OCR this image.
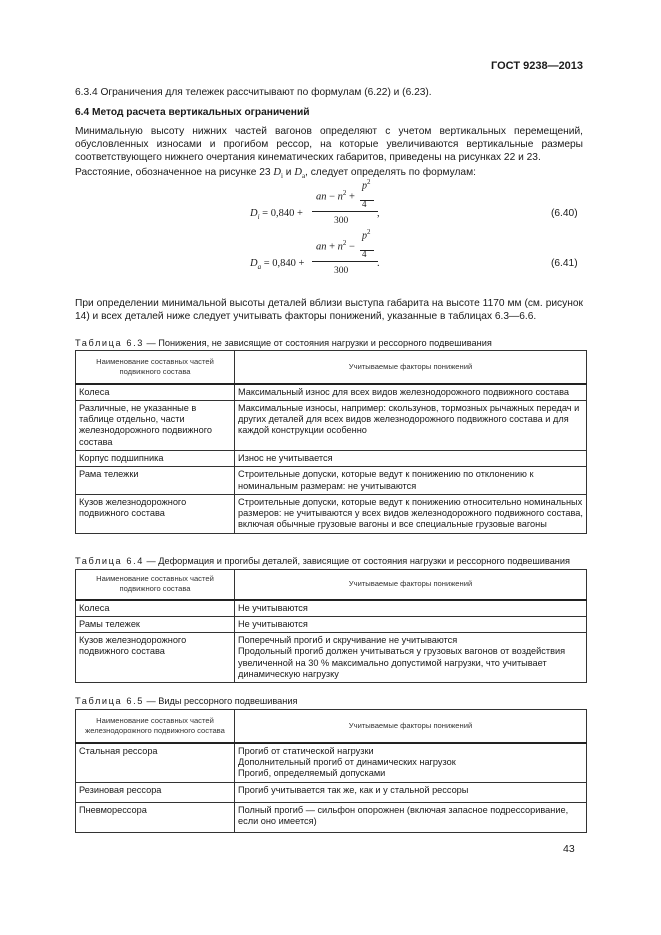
ГОСТ 9238—2013

6.3.4 Ограничения для тележек рассчитывают по формулам (6.22) и (6.23).

6.4 Метод расчета вертикальных ограничений

Минимальную высоту нижних частей вагонов определяют с учетом вертикальных перемещений, обусловленных износами и прогибом рессор, на которые увеличиваются вертикальные размеры соответствующего нижнего очертания кинематических габаритов, приведены на рисунках 22 и 23.

Расстояние, обозначенное на рисунке 23 $D_i$ и $D_a$, следует определять по формулам:

$D_i = 0,840$ +
an − $n^2$ +
$p^2$
4
300
,	(6.40)
$D_a = 0,840$ +
an + $n^2$ −
$p^2$
4
300
.	(6.41)

При определении минимальной высоты деталей вблизи выступа габарита на высоте 1170 мм (см. рисунок 14) и всех деталей ниже следует учитывать факторы понижений, указанные в таблицах 6.3—6.6.

Таблица 6.3 — Понижения, не зависящие от состояния нагрузки и рессорного подвешивания
Наименование составных частей подвижного состава	Учитываемые факторы понижений
Колеса	Максимальный износ для всех видов железнодорожного подвижного состава
Различные, не указанные в таблице отдельно, части железнодорожного подвижного состава	Максимальные износы, например: скользунов, тормозных рычажных передач и других деталей для всех видов железнодорожного подвижного состава и для каждой конструкции особенно
Корпус подшипника	Износ не учитывается
Рама тележки	Строительные допуски, которые ведут к понижению по отклонению к номинальным размерам: не учитываются
Кузов железнодорожного подвижного состава	Строительные допуски, которые ведут к понижению относительно номинальных размеров: не учитываются у всех видов железнодорожного подвижного состава, включая обычные грузовые вагоны и все специальные грузовые вагоны
Таблица 6.4 — Деформация и прогибы деталей, зависящие от состояния нагрузки и рессорного подвешивания
Наименование составных частей подвижного состава	Учитываемые факторы понижений
Колеса	Не учитываются
Рамы тележек	Не учитываются
Кузов железнодорожного подвижного состава	Поперечный прогиб и скручивание не учитываются
Продольный прогиб должен учитываться у грузовых вагонов от воздействия увеличенной на 30 % максимально допустимой нагрузки, что учитывает динамическую нагрузку
Таблица 6.5 — Виды рессорного подвешивания
Наименование составных частей железнодорожного подвижного состава	Учитываемые факторы понижений
Стальная рессора	Прогиб от статической нагрузки
Дополнительный прогиб от динамических нагрузок
Прогиб, определяемый допусками
Резиновая рессора	Прогиб учитывается так же, как и у стальной рессоры
Пневморессора	Полный прогиб — сильфон опорожнен (включая запасное подрессоривание, если оно имеется)
43
